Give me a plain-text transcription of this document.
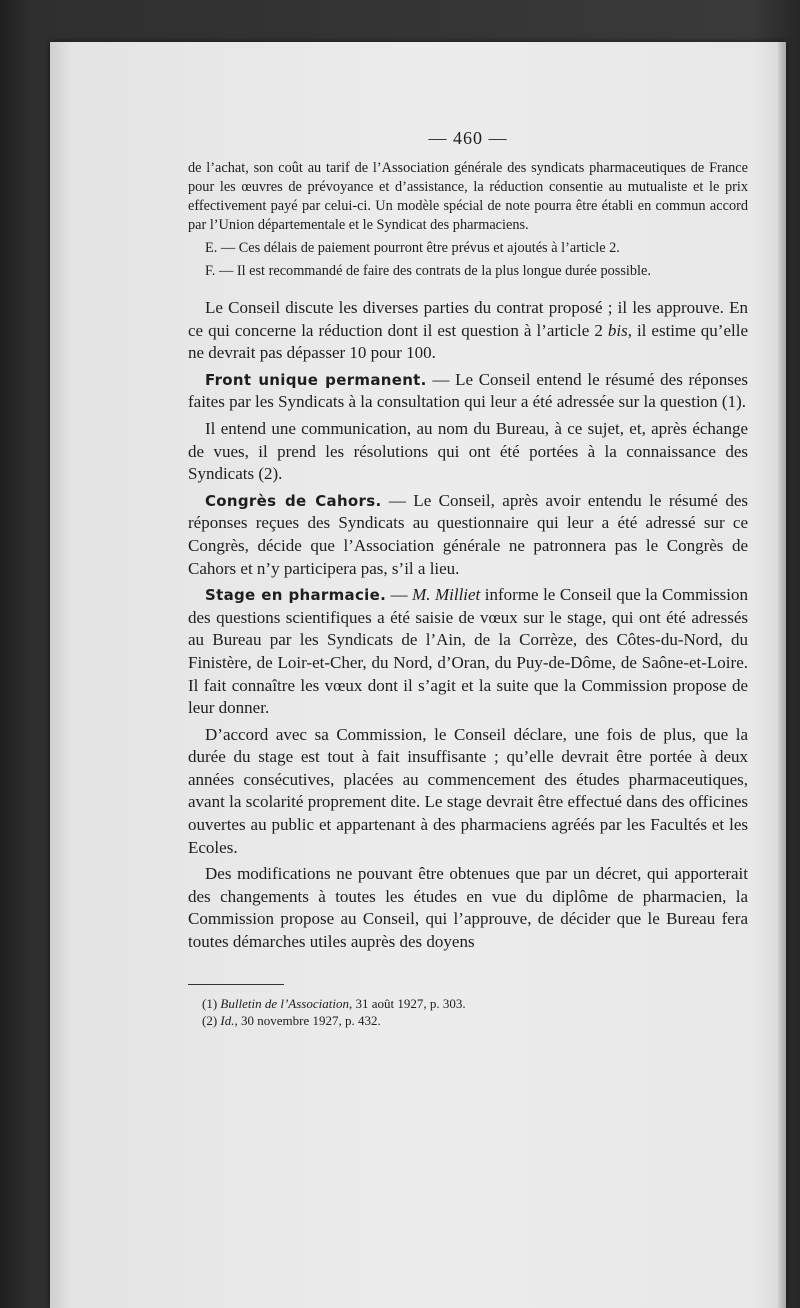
— 460 —

de l’achat, son coût au tarif de l’Association générale des syndicats pharmaceutiques de France pour les œuvres de prévoyance et d’assistance, la réduction consentie au mutualiste et le prix effectivement payé par celui-ci. Un modèle spécial de note pourra être établi en commun accord par l’Union départementale et le Syndicat des pharmaciens.

E. — Ces délais de paiement pourront être prévus et ajoutés à l’article 2.

F. — Il est recommandé de faire des contrats de la plus longue durée possible.

Le Conseil discute les diverses parties du contrat proposé ; il les approuve. En ce qui concerne la réduction dont il est question à l’article 2 bis, il estime qu’elle ne devrait pas dépasser 10 pour 100.

Front unique permanent. — Le Conseil entend le résumé des réponses faites par les Syndicats à la consultation qui leur a été adressée sur la question (1).

Il entend une communication, au nom du Bureau, à ce sujet, et, après échange de vues, il prend les résolutions qui ont été portées à la connaissance des Syndicats (2).

Congrès de Cahors. — Le Conseil, après avoir entendu le résumé des réponses reçues des Syndicats au questionnaire qui leur a été adressé sur ce Congrès, décide que l’Association générale ne patronnera pas le Congrès de Cahors et n’y participera pas, s’il a lieu.

Stage en pharmacie. — M. Milliet informe le Conseil que la Commission des questions scientifiques a été saisie de vœux sur le stage, qui ont été adressés au Bureau par les Syndicats de l’Ain, de la Corrèze, des Côtes-du-Nord, du Finistère, de Loir-et-Cher, du Nord, d’Oran, du Puy-de-Dôme, de Saône-et-Loire. Il fait connaître les vœux dont il s’agit et la suite que la Commission propose de leur donner.

D’accord avec sa Commission, le Conseil déclare, une fois de plus, que la durée du stage est tout à fait insuffisante ; qu’elle devrait être portée à deux années consécutives, placées au commencement des études pharmaceutiques, avant la scolarité proprement dite. Le stage devrait être effectué dans des officines ouvertes au public et appartenant à des pharmaciens agréés par les Facultés et les Ecoles.

Des modifications ne pouvant être obtenues que par un décret, qui apporterait des changements à toutes les études en vue du diplôme de pharmacien, la Commission propose au Conseil, qui l’approuve, de décider que le Bureau fera toutes démarches utiles auprès des doyens

(1) Bulletin de l’Association, 31 août 1927, p. 303.

(2) Id., 30 novembre 1927, p. 432.
